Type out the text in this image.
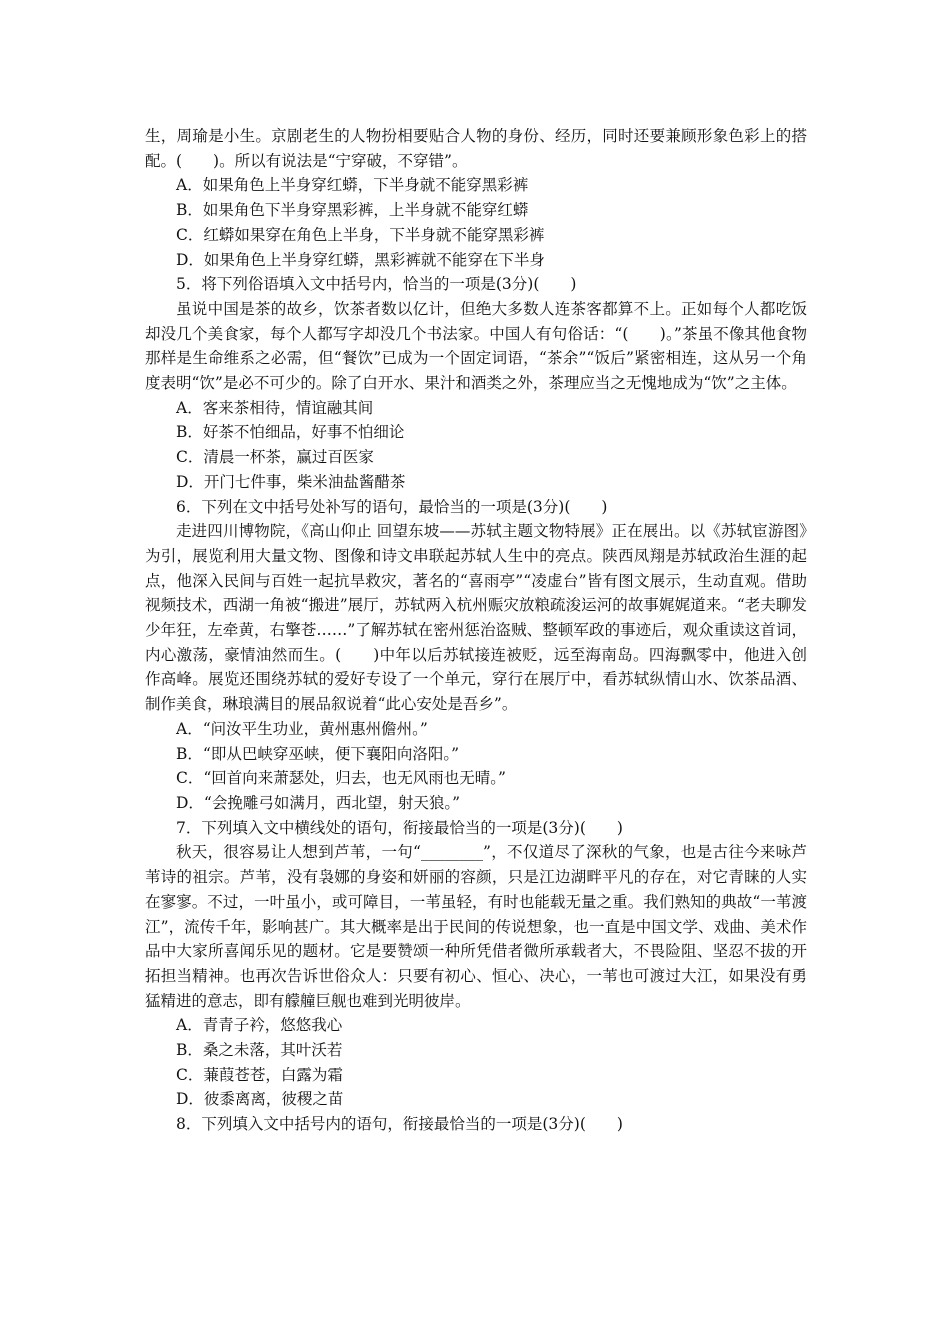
生，周瑜是小生。京剧老生的人物扮相要贴合人物的身份、经历，同时还要兼顾形象色彩上的搭配。(　　)。所以有说法是“宁穿破，不穿错”。

A．如果角色上半身穿红蟒，下半身就不能穿黑彩裤

B．如果角色下半身穿黑彩裤，上半身就不能穿红蟒

C．红蟒如果穿在角色上半身，下半身就不能穿黑彩裤

D．如果角色上半身穿红蟒，黑彩裤就不能穿在下半身

5．将下列俗语填入文中括号内，恰当的一项是(3分)(　　)

虽说中国是茶的故乡，饮茶者数以亿计，但绝大多数人连茶客都算不上。正如每个人都吃饭却没几个美食家，每个人都写字却没几个书法家。中国人有句俗话：“(　　)。”茶虽不像其他食物那样是生命维系之必需，但“餐饮”已成为一个固定词语，“茶余”“饭后”紧密相连，这从另一个角度表明“饮”是必不可少的。除了白开水、果汁和酒类之外，茶理应当之无愧地成为“饮”之主体。

A．客来茶相待，情谊融其间

B．好茶不怕细品，好事不怕细论

C．清晨一杯茶，赢过百医家

D．开门七件事，柴米油盐酱醋茶

6．下列在文中括号处补写的语句，最恰当的一项是(3分)(　　)

走进四川博物院，《高山仰止 回望东坡——苏轼主题文物特展》正在展出。以《苏轼宦游图》为引，展览利用大量文物、图像和诗文串联起苏轼人生中的亮点。陕西凤翔是苏轼政治生涯的起点，他深入民间与百姓一起抗旱救灾，著名的“喜雨亭”“凌虚台”皆有图文展示，生动直观。借助视频技术，西湖一角被“搬进”展厅，苏轼两入杭州赈灾放粮疏浚运河的故事娓娓道来。“老夫聊发少年狂，左牵黄，右擎苍……”了解苏轼在密州惩治盗贼、整顿军政的事迹后，观众重读这首词，内心激荡，豪情油然而生。(　　)中年以后苏轼接连被贬，远至海南岛。四海飘零中，他进入创作高峰。展览还围绕苏轼的爱好专设了一个单元，穿行在展厅中，看苏轼纵情山水、饮茶品酒、制作美食，琳琅满目的展品叙说着“此心安处是吾乡”。

A．“问汝平生功业，黄州惠州儋州。”

B．“即从巴峡穿巫峡，便下襄阳向洛阳。”

C．“回首向来萧瑟处，归去，也无风雨也无晴。”

D．“会挽雕弓如满月，西北望，射天狼。”

7．下列填入文中横线处的语句，衔接最恰当的一项是(3分)(　　)

秋天，很容易让人想到芦苇，一句“________”，不仅道尽了深秋的气象，也是古往今来咏芦苇诗的祖宗。芦苇，没有袅娜的身姿和妍丽的容颜，只是江边湖畔平凡的存在，对它青睐的人实在寥寥。不过，一叶虽小，或可障目，一苇虽轻，有时也能载无量之重。我们熟知的典故“一苇渡江”，流传千年，影响甚广。其大概率是出于民间的传说想象，也一直是中国文学、戏曲、美术作品中大家所喜闻乐见的题材。它是要赞颂一种所凭借者微所承载者大，不畏险阻、坚忍不拔的开拓担当精神。也再次告诉世俗众人：只要有初心、恒心、决心，一苇也可渡过大江，如果没有勇猛精进的意志，即有艨艟巨舰也难到光明彼岸。

A．青青子衿，悠悠我心

B．桑之未落，其叶沃若

C．蒹葭苍苍，白露为霜

D．彼黍离离，彼稷之苗

8．下列填入文中括号内的语句，衔接最恰当的一项是(3分)(　　)
